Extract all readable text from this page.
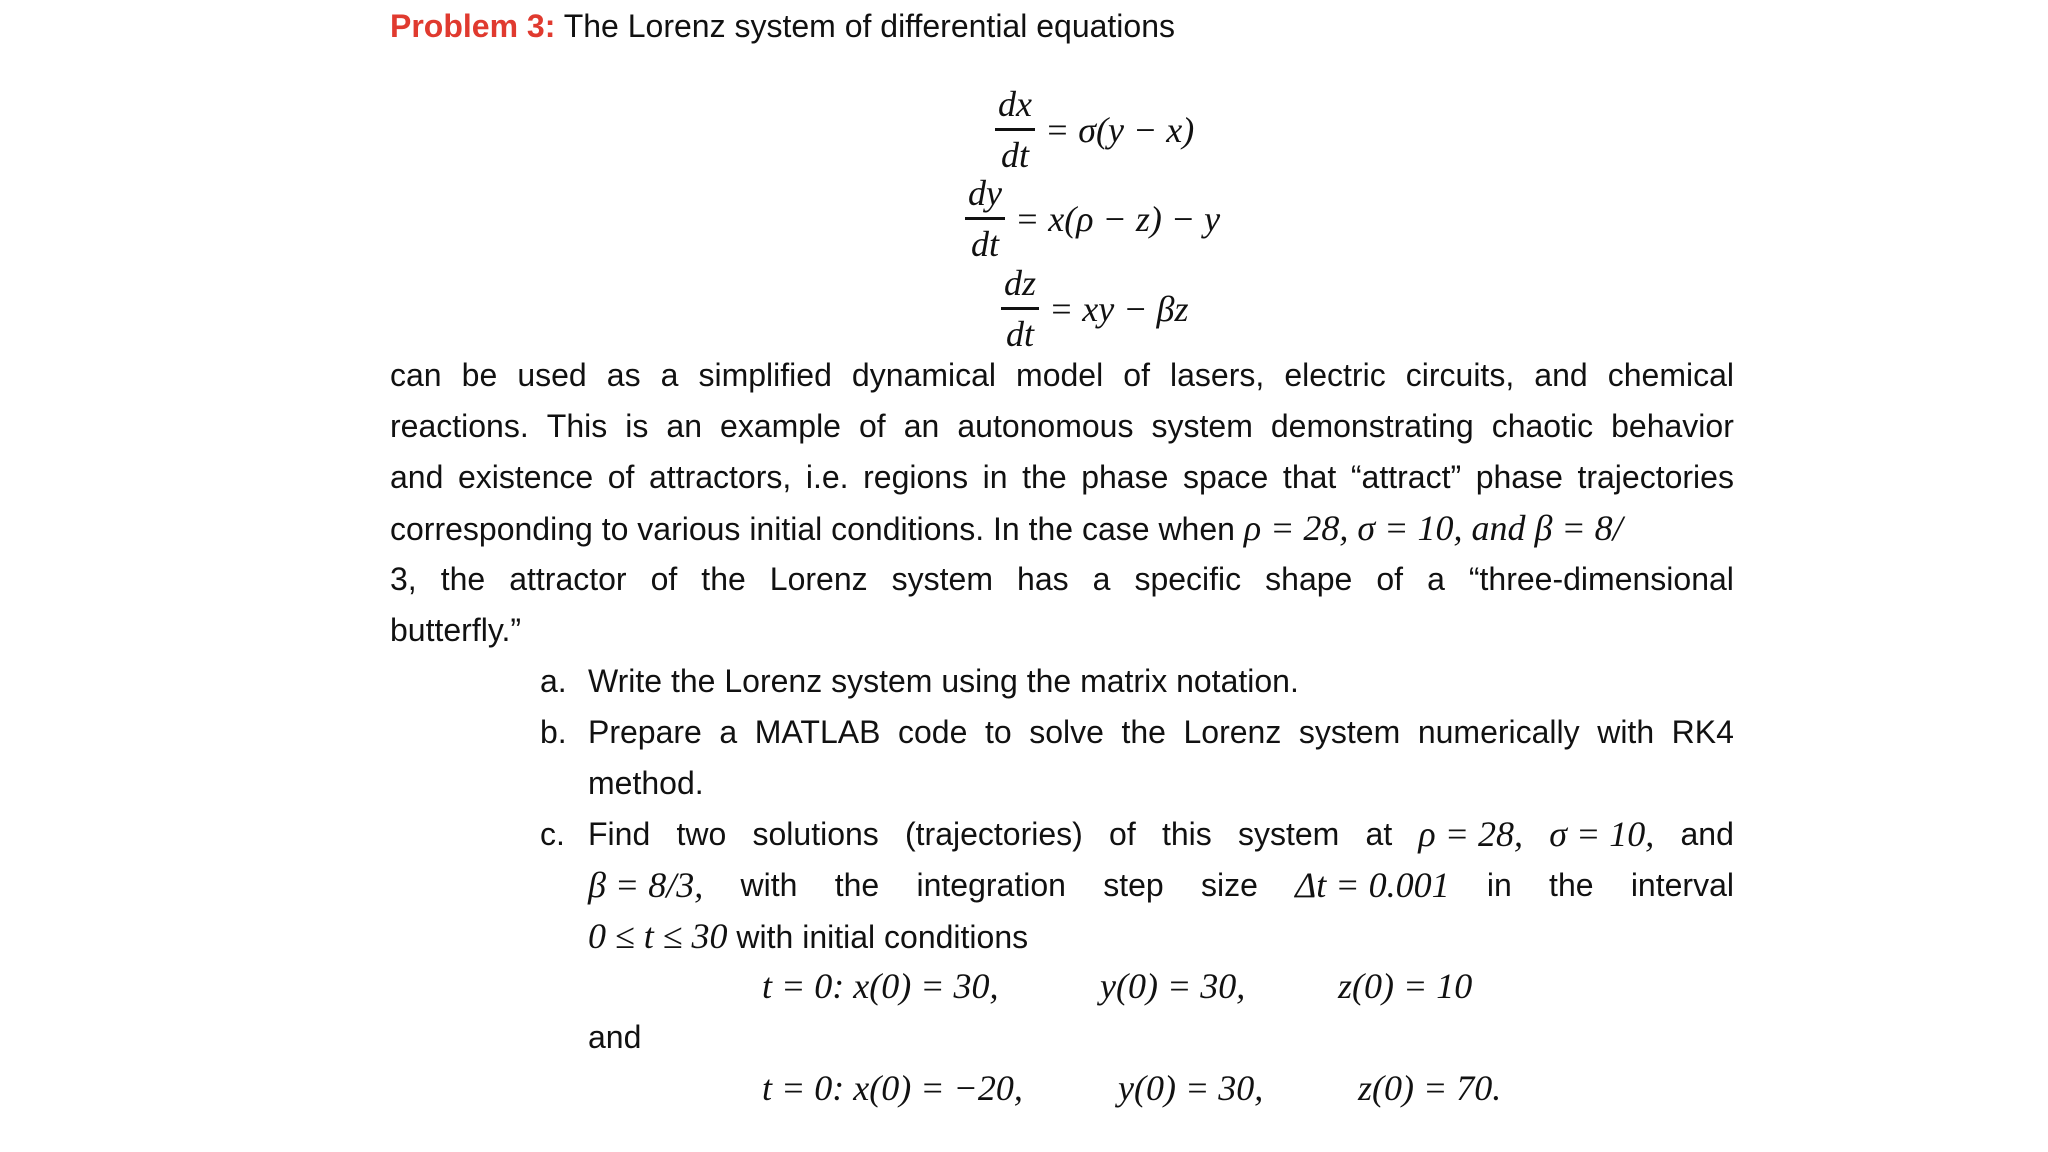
Problem 3: The Lorenz system of differential equations
$\frac{dx}{dt} = \sigma(y - x)$
$\frac{dy}{dt} = x(\rho - z) - y$
$\frac{dz}{dt}$ = xy − βz
can be used as a simplified dynamical model of lasers, electric circuits, and chemical
reactions. This is an example of an autonomous system demonstrating chaotic behavior
and existence of attractors, i.e. regions in the phase space that “attract” phase trajectories
corresponding to various initial conditions. In the case when ρ = 28, σ = 10, and β = 8/
3, the attractor of the Lorenz system has a specific shape of a “three-dimensional
butterfly.”
a. Write the Lorenz system using the matrix notation.
b. Prepare a MATLAB code to solve the Lorenz system numerically with RK4
method.
c. Find two solutions (trajectories) of this system at ρ = 28, σ = 10, and
β = 8/3, with the integration step size Δt = 0.001 in the interval
0 ≤ t ≤ 30 with initial conditions
t = 0: x(0) = 30,	y(0) = 30,	z(0) = 10
and
t = 0: x(0) = −20,	y(0) = 30,	z(0) = 70.
